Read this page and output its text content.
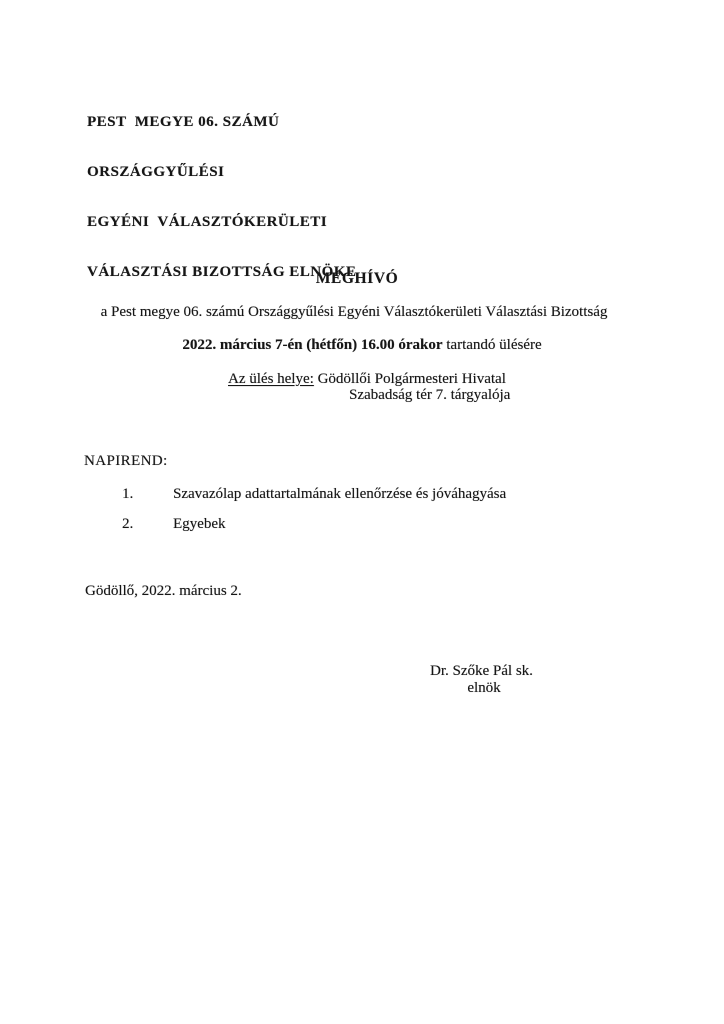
PEST  MEGYE 06. SZÁMÚ

ORSZÁGGYŰLÉSI

EGYÉNI  VÁLASZTÓKERÜLETI

VÁLASZTÁSI BIZOTTSÁG ELNÖKE

MEGHÍVÓ
a Pest megye 06. számú Országgyűlési Egyéni Választókerületi Választási Bizottság
2022. március 7-én (hétfőn) 16.00 órakor tartandó ülésére
Az ülés helye: Gödöllői Polgármesteri Hivatal
Szabadság tér 7. tárgyalója
NAPIREND:
1.	Szavazólap adattartalmának ellenőrzése és jóváhagyása
2.	Egyebek
Gödöllő, 2022. március 2.
Dr. Szőke Pál sk.
elnök
